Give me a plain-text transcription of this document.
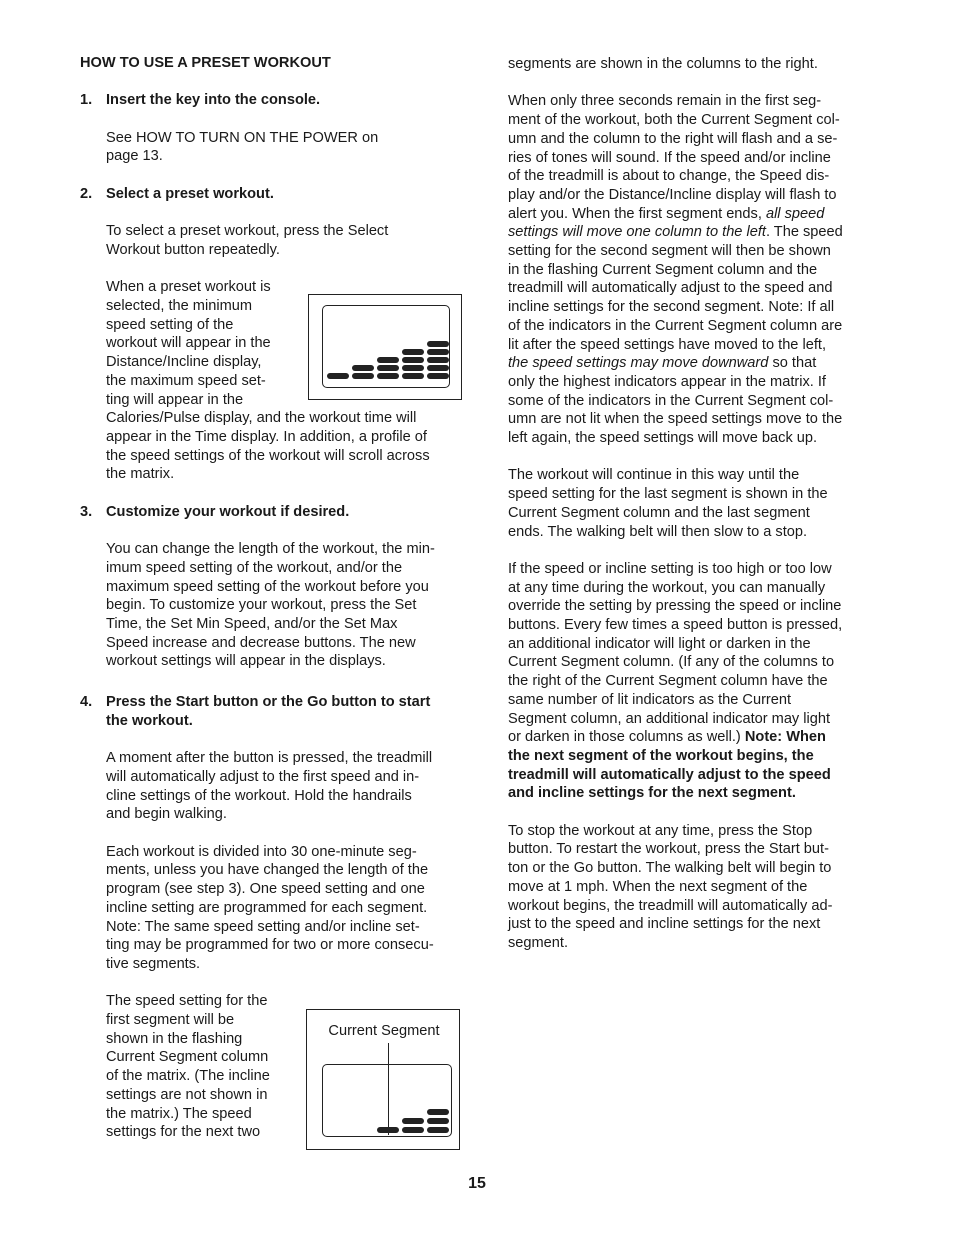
HOW TO USE A PRESET WORKOUT

1. Insert the key into the console.

See HOW TO TURN ON THE POWER on

page 13.

2. Select a preset workout.

To select a preset workout, press the Select

Workout button repeatedly.

When a preset workout is

selected, the minimum

speed setting of the

workout will appear in the

Distance/Incline display,

the maximum speed set-

ting will appear in the

Calories/Pulse display, and the workout time will

appear in the Time display. In addition, a profile of

the speed settings of the workout will scroll across

the matrix.

3. Customize your workout if desired.

You can change the length of the workout, the min-

imum speed setting of the workout, and/or the

maximum speed setting of the workout before you

begin. To customize your workout, press the Set

Time, the Set Min Speed, and/or the Set Max

Speed increase and decrease buttons. The new

workout settings will appear in the displays.

4. Press the Start button or the Go button to start

the workout.

A moment after the button is pressed, the treadmill

will automatically adjust to the first speed and in-

cline settings of the workout. Hold the handrails

and begin walking.

Each workout is divided into 30 one-minute seg-

ments, unless you have changed the length of the

program (see step 3). One speed setting and one

incline setting are programmed for each segment.

Note: The same speed setting and/or incline set-

ting may be programmed for two or more consecu-

tive segments.

The speed setting for the

first segment will be

shown in the flashing

Current Segment column

of the matrix. (The incline

settings are not shown in

the matrix.) The speed

settings for the next two

Current Segment

segments are shown in the columns to the right.

When only three seconds remain in the first seg-

ment of the workout, both the Current Segment col-

umn and the column to the right will flash and a se-

ries of tones will sound. If the speed and/or incline

of the treadmill is about to change, the Speed dis-

play and/or the Distance/Incline display will flash to

alert you. When the first segment ends, all speed

settings will move one column to the left. The speed

setting for the second segment will then be shown

in the flashing Current Segment column and the

treadmill will automatically adjust to the speed and

incline settings for the second segment. Note: If all

of the indicators in the Current Segment column are

lit after the speed settings have moved to the left,

the speed settings may move downward so that

only the highest indicators appear in the matrix. If

some of the indicators in the Current Segment col-

umn are not lit when the speed settings move to the

left again, the speed settings will move back up.

The workout will continue in this way until the

speed setting for the last segment is shown in the

Current Segment column and the last segment

ends. The walking belt will then slow to a stop.

If the speed or incline setting is too high or too low

at any time during the workout, you can manually

override the setting by pressing the speed or incline

buttons. Every few times a speed button is pressed,

an additional indicator will light or darken in the

Current Segment column. (If any of the columns to

the right of the Current Segment column have the

same number of lit indicators as the Current

Segment column, an additional indicator may light

or darken in those columns as well.) Note: When

the next segment of the workout begins, the

treadmill will automatically adjust to the speed

and incline settings for the next segment.

To stop the workout at any time, press the Stop

button. To restart the workout, press the Start but-

ton or the Go button. The walking belt will begin to

move at 1 mph. When the next segment of the

workout begins, the treadmill will automatically ad-

just to the speed and incline settings for the next

segment.

15
